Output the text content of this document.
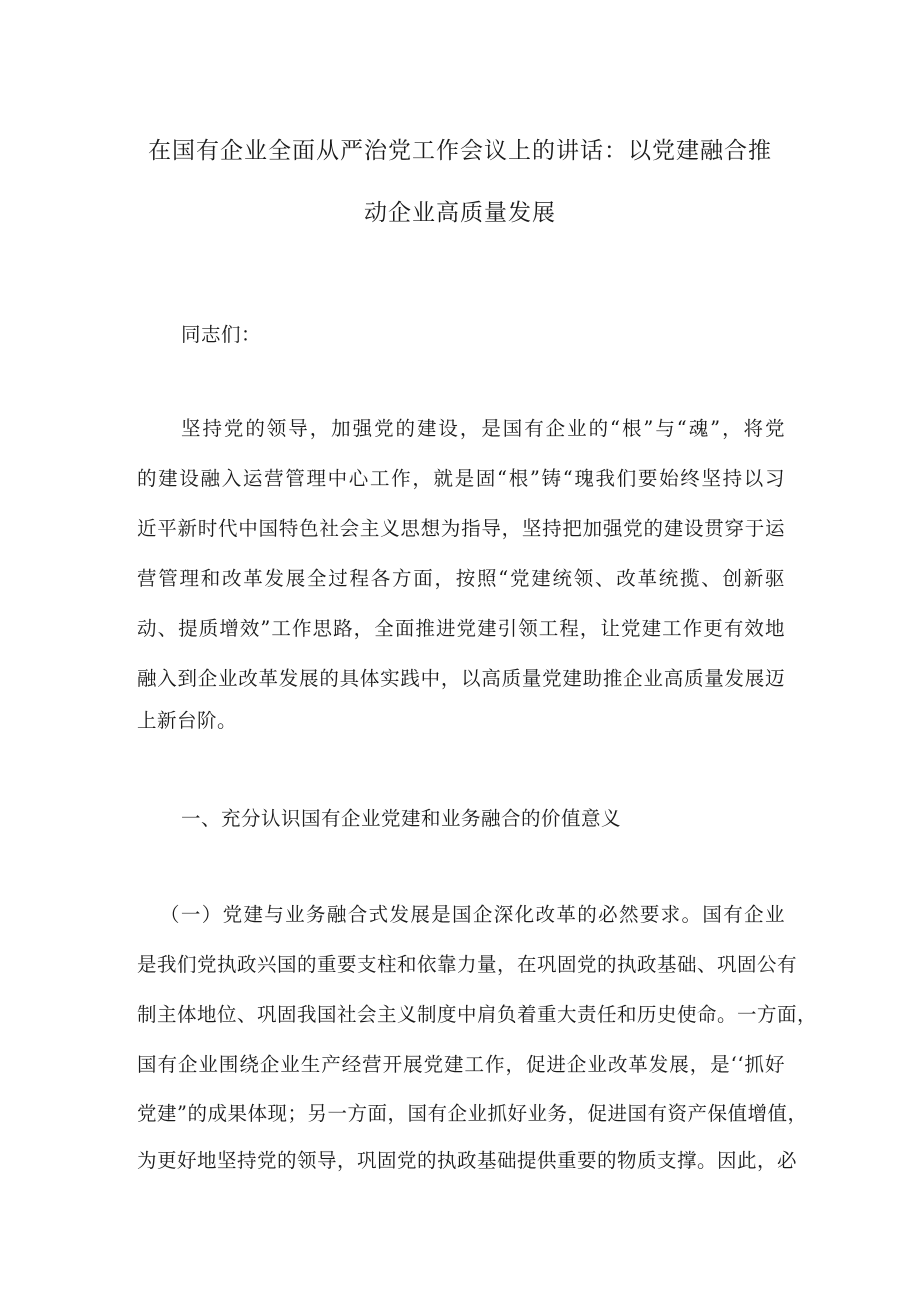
在国有企业全面从严治党工作会议上的讲话：以党建融合推
动企业高质量发展
同志们：
坚持党的领导，加强党的建设，是国有企业的“根”与“魂”，将党
的建设融入运营管理中心工作，就是固“根”铸“瑰我们要始终坚持以习
近平新时代中国特色社会主义思想为指导，坚持把加强党的建设贯穿于运
营管理和改革发展全过程各方面，按照“党建统领、改革统揽、创新驱
动、提质增效”工作思路，全面推进党建引领工程，让党建工作更有效地
融入到企业改革发展的具体实践中，以高质量党建助推企业高质量发展迈
上新台阶。
一、充分认识国有企业党建和业务融合的价值意义
（一）党建与业务融合式发展是国企深化改革的必然要求。国有企业
是我们党执政兴国的重要支柱和依靠力量，在巩固党的执政基础、巩固公有
制主体地位、巩固我国社会主义制度中肩负着重大责任和历史使命。一方面，
国有企业围绕企业生产经营开展党建工作，促进企业改革发展，是‘‘抓好
党建”的成果体现；另一方面，国有企业抓好业务，促进国有资产保值增值，
为更好地坚持党的领导，巩固党的执政基础提供重要的物质支撑。因此，必
